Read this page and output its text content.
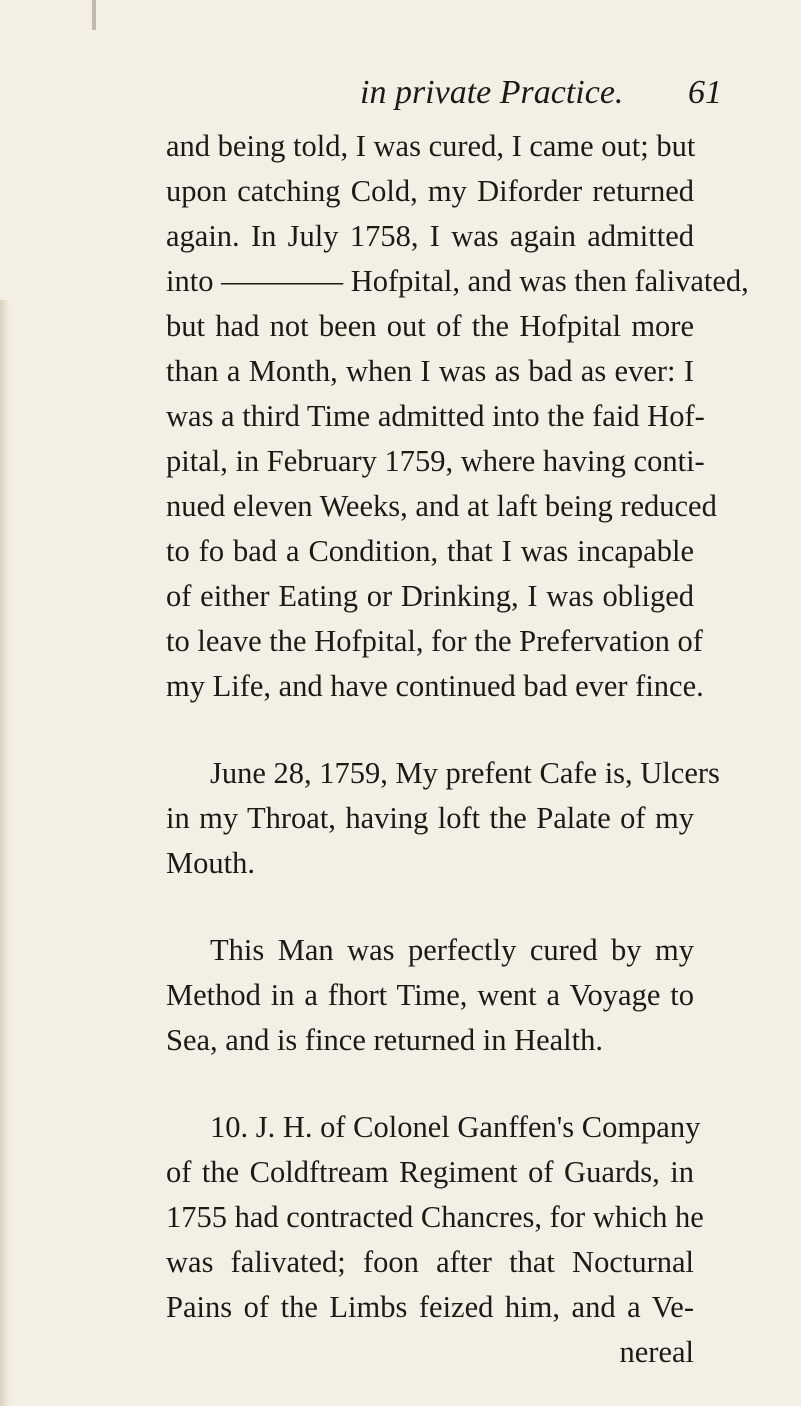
in private Practice. 61
and being told, I was cured, I came out; but
upon catching Cold, my Diforder returned
again. In July 1758, I was again admitted
into ———— Hofpital, and was then falivated,
but had not been out of the Hofpital more
than a Month, when I was as bad as ever: I
was a third Time admitted into the faid Hof-
pital, in February 1759, where having conti-
nued eleven Weeks, and at laft being reduced
to fo bad a Condition, that I was incapable
of either Eating or Drinking, I was obliged
to leave the Hofpital, for the Prefervation of
my Life, and have continued bad ever fince.
June 28, 1759, My prefent Cafe is, Ulcers
in my Throat, having loft the Palate of my
Mouth.
This Man was perfectly cured by my
Method in a fhort Time, went a Voyage to
Sea, and is fince returned in Health.
10. J. H. of Colonel Ganffen's Company
of the Coldftream Regiment of Guards, in
1755 had contracted Chancres, for which he
was falivated; foon after that Nocturnal
Pains of the Limbs feized him, and a Ve-
nereal
